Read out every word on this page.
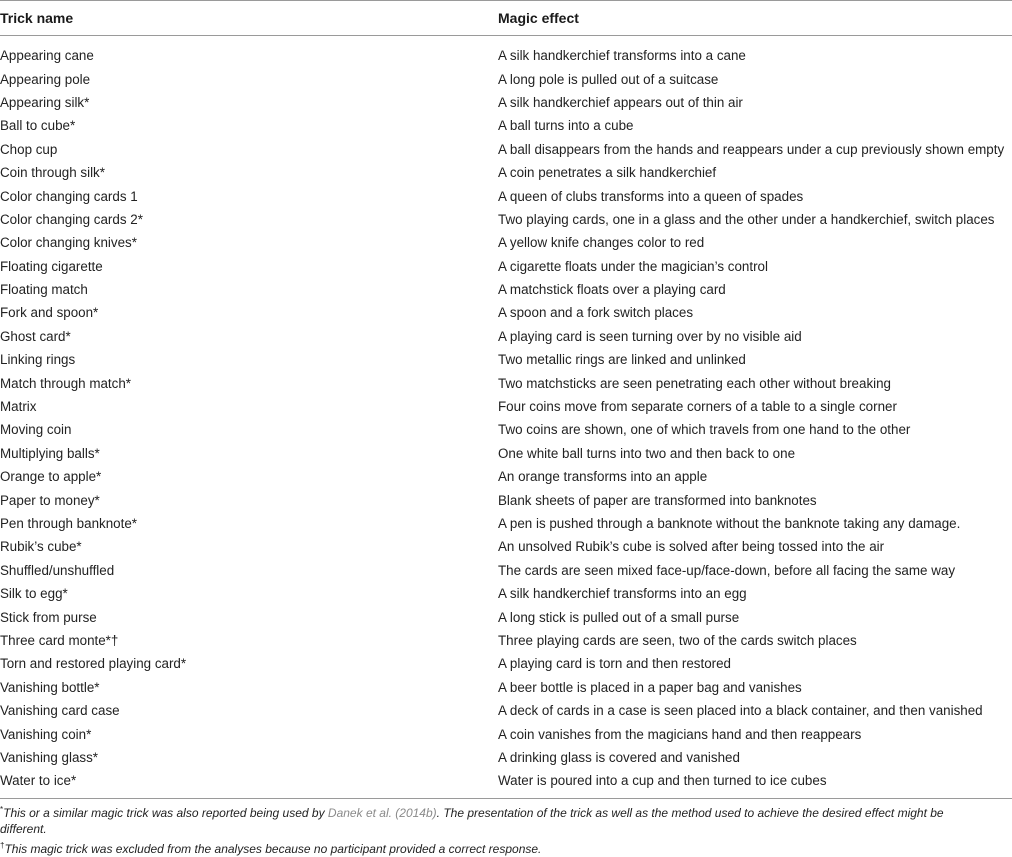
Trick name	Magic effect
Appearing cane	A silk handkerchief transforms into a cane
Appearing pole	A long pole is pulled out of a suitcase
Appearing silk*	A silk handkerchief appears out of thin air
Ball to cube*	A ball turns into a cube
Chop cup	A ball disappears from the hands and reappears under a cup previously shown empty
Coin through silk*	A coin penetrates a silk handkerchief
Color changing cards 1	A queen of clubs transforms into a queen of spades
Color changing cards 2*	Two playing cards, one in a glass and the other under a handkerchief, switch places
Color changing knives*	A yellow knife changes color to red
Floating cigarette	A cigarette floats under the magician’s control
Floating match	A matchstick floats over a playing card
Fork and spoon*	A spoon and a fork switch places
Ghost card*	A playing card is seen turning over by no visible aid
Linking rings	Two metallic rings are linked and unlinked
Match through match*	Two matchsticks are seen penetrating each other without breaking
Matrix	Four coins move from separate corners of a table to a single corner
Moving coin	Two coins are shown, one of which travels from one hand to the other
Multiplying balls*	One white ball turns into two and then back to one
Orange to apple*	An orange transforms into an apple
Paper to money*	Blank sheets of paper are transformed into banknotes
Pen through banknote*	A pen is pushed through a banknote without the banknote taking any damage.
Rubik’s cube*	An unsolved Rubik’s cube is solved after being tossed into the air
Shuffled/unshuffled	The cards are seen mixed face-up/face-down, before all facing the same way
Silk to egg*	A silk handkerchief transforms into an egg
Stick from purse	A long stick is pulled out of a small purse
Three card monte*†	Three playing cards are seen, two of the cards switch places
Torn and restored playing card*	A playing card is torn and then restored
Vanishing bottle*	A beer bottle is placed in a paper bag and vanishes
Vanishing card case	A deck of cards in a case is seen placed into a black container, and then vanished
Vanishing coin*	A coin vanishes from the magicians hand and then reappears
Vanishing glass*	A drinking glass is covered and vanished
Water to ice*	Water is poured into a cup and then turned to ice cubes
*This or a similar magic trick was also reported being used by Danek et al. (2014b). The presentation of the trick as well as the method used to achieve the desired effect might be
different.
†This magic trick was excluded from the analyses because no participant provided a correct response.
